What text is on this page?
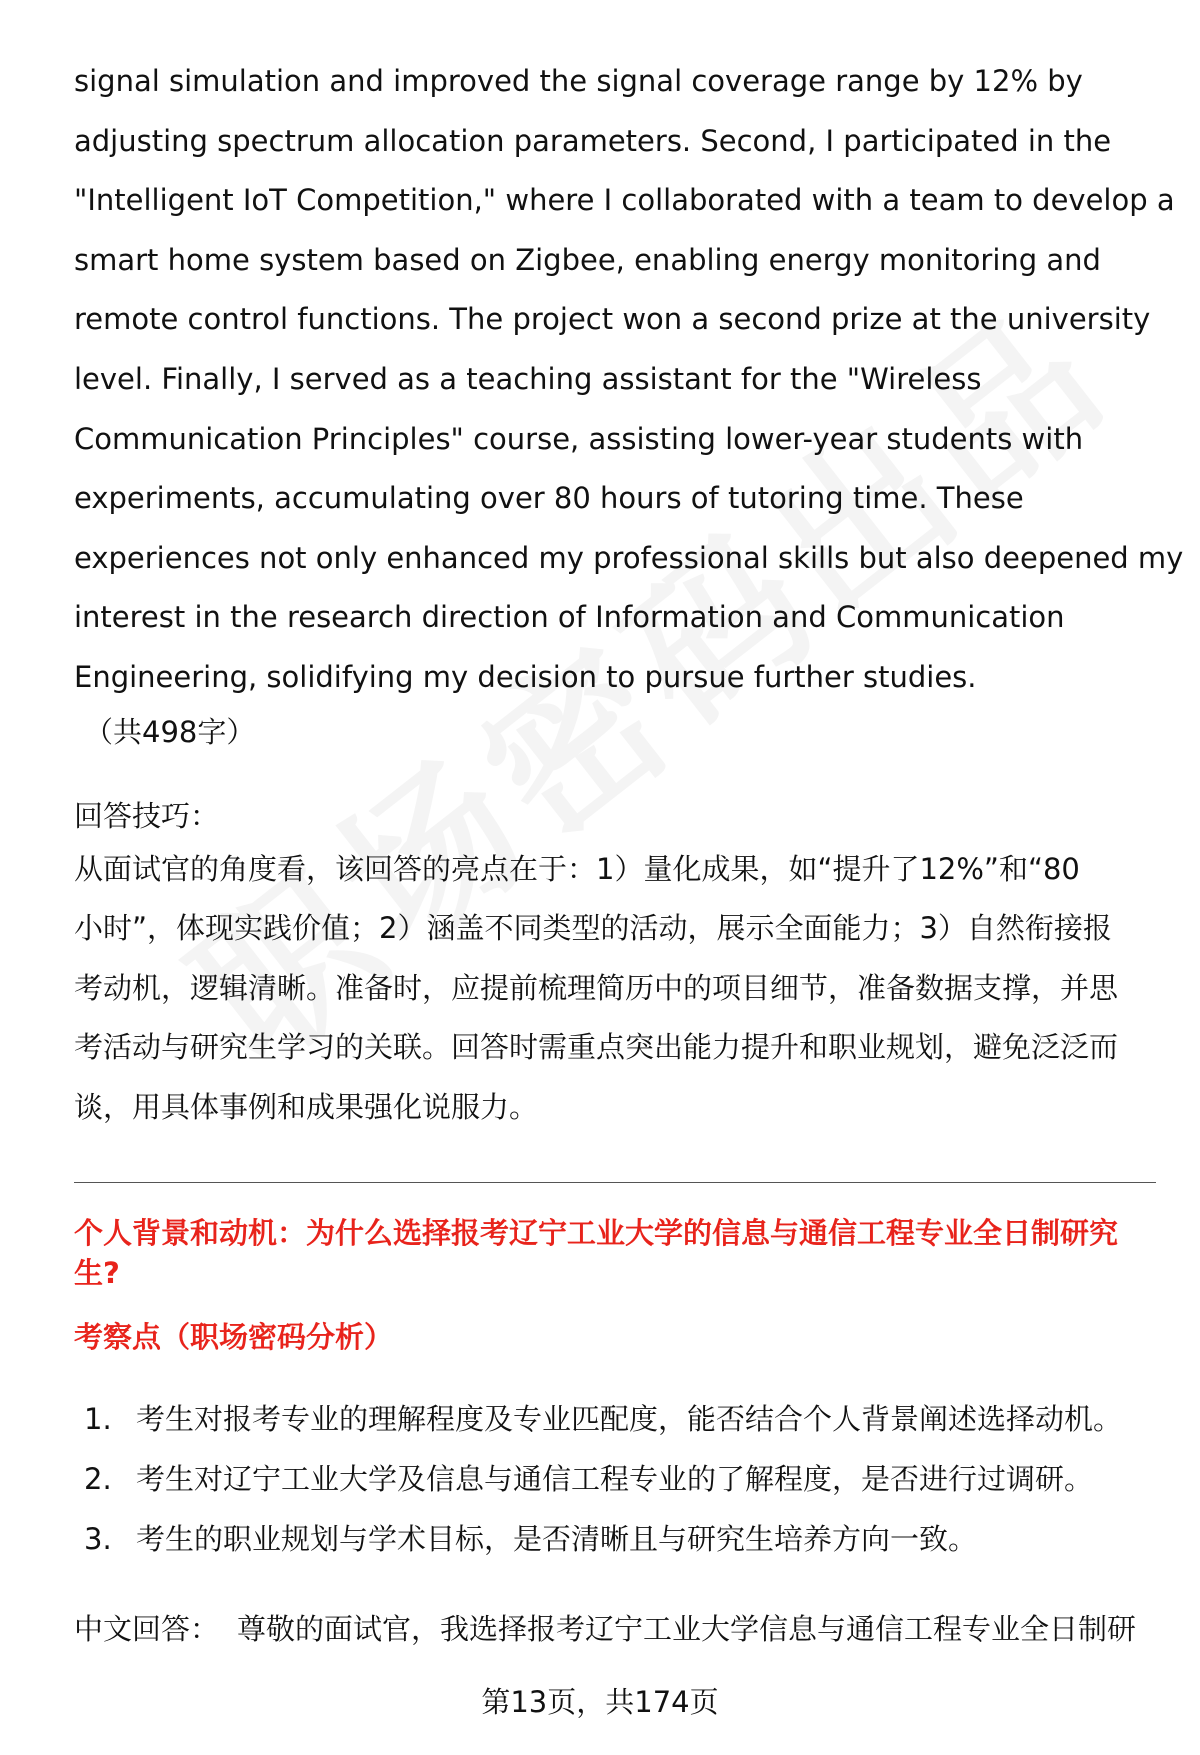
signal simulation and improved the signal coverage range by 12% by
adjusting spectrum allocation parameters. Second, I participated in the
"Intelligent IoT Competition," where I collaborated with a team to develop a
smart home system based on Zigbee, enabling energy monitoring and
remote control functions. The project won a second prize at the university
level. Finally, I served as a teaching assistant for the "Wireless
Communication Principles" course, assisting lower-year students with
experiments, accumulating over 80 hours of tutoring time. These
experiences not only enhanced my professional skills but also deepened my
interest in the research direction of Information and Communication
Engineering, solidifying my decision to pursue further studies.

（共498字）

回答技巧：

从面试官的角度看，该回答的亮点在于：1）量化成果，如“提升了12%”和“80
小时”，体现实践价值；2）涵盖不同类型的活动，展示全面能力；3）自然衔接报
考动机，逻辑清晰。准备时，应提前梳理简历中的项目细节，准备数据支撑，并思
考活动与研究生学习的关联。回答时需重点突出能力提升和职业规划，避免泛泛而
谈，用具体事例和成果强化说服力。

个人背景和动机：为什么选择报考辽宁工业大学的信息与通信工程专业全日制研究
生?
考察点（职场密码分析）
1. 考生对报考专业的理解程度及专业匹配度，能否结合个人背景阐述选择动机。
2. 考生对辽宁工业大学及信息与通信工程专业的了解程度，是否进行过调研。
3. 考生的职业规划与学术目标，是否清晰且与研究生培养方向一致。

中文回答： 尊敬的面试官，我选择报考辽宁工业大学信息与通信工程专业全日制研

第13页，共174页
